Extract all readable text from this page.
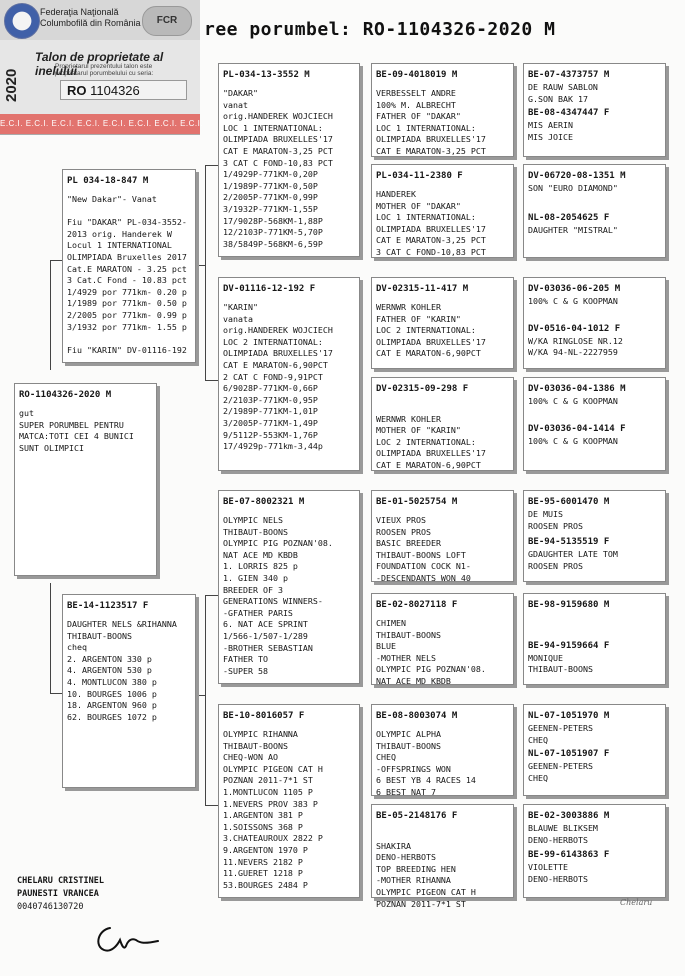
ree porumbel: RO-1104326-2020 M
Federaţia Naţională
Columbofilă din România	FCR
2020
Talon de proprietate al inelului
Proprietarul prezentului talon este
proprietarul porumbelului cu seria:
RO 1104326
E.C.I. E.C.I. E.C.I. E.C.I. E.C.I. E.C.I. E.C.I. E.C.I.
RO-1104326-2020 M
gut
SUPER PORUMBEL PENTRU
MATCA:TOTI CEI 4 BUNICI
SUNT OLIMPICI
PL 034-18-847 M
"New Dakar"- Vanat

Fiu "DAKAR" PL-034-3552-
2013 orig. Handerek W
Locul 1 INTERNATIONAL
OLIMPIADA Bruxelles 2017
Cat.E MARATON - 3.25 pct
3 Cat.C Fond - 10.83 pct
1/4929 por 771km- 0.20 p
1/1989 por 771km- 0.50 p
2/2005 por 771km- 0.99 p
3/1932 por 771km- 1.55 p

Fiu "KARIN" DV-01116-192
BE-14-1123517 F
DAUGHTER NELS &RIHANNA
THIBAUT-BOONS
cheq
2. ARGENTON 330 p
4. ARGENTON 530 p
4. MONTLUCON 380 p
10. BOURGES 1006 p
18. ARGENTON 960 p
62. BOURGES 1072 p
PL-034-13-3552 M
"DAKAR"
vanat
orig.HANDEREK WOJCIECH
LOC 1 INTERNATIONAL:
OLIMPIADA BRUXELLES'17
CAT E MARATON-3,25 PCT
3 CAT C FOND-10,83 PCT
1/4929P-771KM-0,20P
1/1989P-771KM-0,50P
2/2005P-771KM-0,99P
3/1932P-771KM-1,55P
17/9028P-568KM-1,88P
12/2103P-771KM-5,70P
38/5849P-568KM-6,59P
DV-01116-12-192 F
"KARIN"
vanata
orig.HANDEREK WOJCIECH
LOC 2 INTERNATIONAL:
OLIMPIADA BRUXELLES'17
CAT E MARATON-6,90PCT
2 CAT C FOND-9,91PCT
6/9028P-771KM-0,66P
2/2103P-771KM-0,95P
2/1989P-771KM-1,01P
3/2005P-771KM-1,49P
9/5112P-553KM-1,76P
17/4929p-771km-3,44p
BE-07-8002321 M
OLYMPIC NELS
THIBAUT-BOONS
OLYMPIC PIG POZNAN'08.
NAT ACE MD KBDB
1. LORRIS 825 p
1. GIEN 340 p
BREEDER OF 3
GENERATIONS WINNERS-
-GFATHER PARIS
6. NAT ACE SPRINT
1/566-1/507-1/289
-BROTHER SEBASTIAN
FATHER TO
-SUPER 58
BE-10-8016057 F
OLYMPIC RIHANNA
THIBAUT-BOONS
CHEQ-WON AO
OLYMPIC PIGEON CAT H
POZNAN 2011-7*1 ST
1.MONTLUCON 1105 P
1.NEVERS PROV 383 P
1.ARGENTON 381 P
1.SOISSONS 368 P
3.CHATEAUROUX 2822 P
9.ARGENTON 1970 P
11.NEVERS 2182 P
11.GUERET 1218 P
53.BOURGES 2484 P
BE-09-4018019 M
VERBESSELT ANDRE
100% M. ALBRECHT
FATHER OF "DAKAR"
LOC 1 INTERNATIONAL:
OLIMPIADA BRUXELLES'17
CAT E MARATON-3,25 PCT
PL-034-11-2380 F
HANDEREK
MOTHER OF "DAKAR"
LOC 1 INTERNATIONAL:
OLIMPIADA BRUXELLES'17
CAT E MARATON-3,25 PCT
3 CAT C FOND-10,83 PCT
DV-02315-11-417 M
WERNWR KOHLER
FATHER OF "KARIN"
LOC 2 INTERNATIONAL:
OLIMPIADA BRUXELLES'17
CAT E MARATON-6,90PCT
DV-02315-09-298 F

WERNWR KOHLER
MOTHER OF "KARIN"
LOC 2 INTERNATIONAL:
OLIMPIADA BRUXELLES'17
CAT E MARATON-6,90PCT
BE-01-5025754 M
VIEUX PROS
ROOSEN PROS
BASIC BREEDER
THIBAUT-BOONS LOFT
FOUNDATION COCK N1-
-DESCENDANTS WON 40
BE-02-8027118 F
CHIMEN
THIBAUT-BOONS
BLUE
-MOTHER NELS
OLYMPIC PIG POZNAN'08.
NAT ACE MD KBDB
BE-08-8003074 M
OLYMPIC ALPHA
THIBAUT-BOONS
CHEQ
-OFFSPRINGS WON
6 BEST YB 4 RACES 14
6 BEST NAT 7
BE-05-2148176 F

SHAKIRA
DENO-HERBOTS
TOP BREEDING HEN
-MOTHER RIHANNA
OLYMPIC PIGEON CAT H
POZNAN 2011-7*1 ST
BE-07-4373757 M
DE RAUW SABLON
G.SON BAK 17
BE-08-4347447 F
MIS AERIN
MIS JOICE
DV-06720-08-1351 M
SON "EURO DIAMOND"
NL-08-2054625 F
DAUGHTER "MISTRAL"
DV-03036-06-205 M
100% C & G KOOPMAN
DV-0516-04-1012 F
W/KA RINGLOSE NR.12
W/KA 94-NL-2227959
DV-03036-04-1386 M
100% C & G KOOPMAN
DV-03036-04-1414 F
100% C & G KOOPMAN
BE-95-6001470 M
DE MUIS
ROOSEN PROS
BE-94-5135519 F
GDAUGHTER LATE TOM
ROOSEN PROS
BE-98-9159680 M

BE-94-9159664 F
MONIQUE
THIBAUT-BOONS
NL-07-1051970 M
GEENEN-PETERS
CHEQ
NL-07-1051907 F
GEENEN-PETERS
CHEQ
BE-02-3003886 M
BLAUWE BLIKSEM
DENO-HERBOTS
BE-99-6143863 F
VIOLETTE
DENO-HERBOTS
CHELARU CRISTINEL
PAUNESTI VRANCEA
0040746130720	Chelaru
